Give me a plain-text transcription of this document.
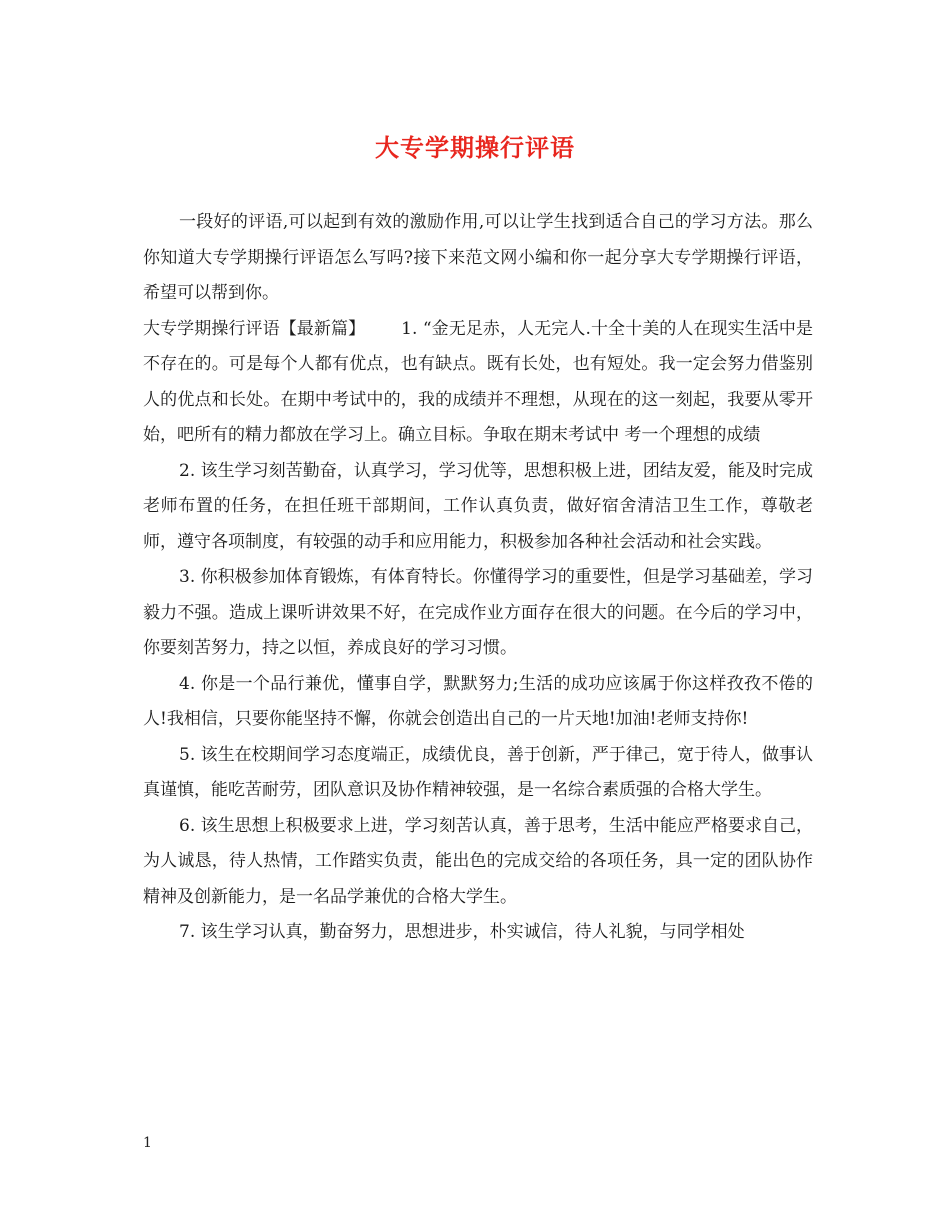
大专学期操行评语

一段好的评语,可以起到有效的激励作用,可以让学生找到适合自己的学习方法。那么你知道大专学期操行评语怎么写吗?接下来范文网小编和你一起分享大专学期操行评语，希望可以帮到你。

大专学期操行评语【最新篇】 1. “金无足赤，人无完人.十全十美的人在现实生活中是不存在的。可是每个人都有优点，也有缺点。既有长处，也有短处。我一定会努力借鉴别人的优点和长处。在期中考试中的，我的成绩并不理想，从现在的这一刻起，我要从零开始，吧所有的精力都放在学习上。确立目标。争取在期末考试中 考一个理想的成绩

2. 该生学习刻苦勤奋，认真学习，学习优等，思想积极上进，团结友爱，能及时完成老师布置的任务，在担任班干部期间，工作认真负责，做好宿舍清洁卫生工作，尊敬老师，遵守各项制度，有较强的动手和应用能力，积极参加各种社会活动和社会实践。

3. 你积极参加体育锻炼，有体育特长。你懂得学习的重要性，但是学习基础差，学习毅力不强。造成上课听讲效果不好，在完成作业方面存在很大的问题。在今后的学习中，你要刻苦努力，持之以恒，养成良好的学习习惯。

4. 你是一个品行兼优，懂事自学，默默努力;生活的成功应该属于你这样孜孜不倦的人!我相信，只要你能坚持不懈，你就会创造出自己的一片天地!加油!老师支持你!

5. 该生在校期间学习态度端正，成绩优良，善于创新，严于律己，宽于待人，做事认真谨慎，能吃苦耐劳，团队意识及协作精神较强，是一名综合素质强的合格大学生。

6. 该生思想上积极要求上进，学习刻苦认真，善于思考，生活中能应严格要求自己，为人诚恳，待人热情，工作踏实负责，能出色的完成交给的各项任务，具一定的团队协作精神及创新能力，是一名品学兼优的合格大学生。

7. 该生学习认真，勤奋努力，思想进步，朴实诚信，待人礼貌，与同学相处

1
